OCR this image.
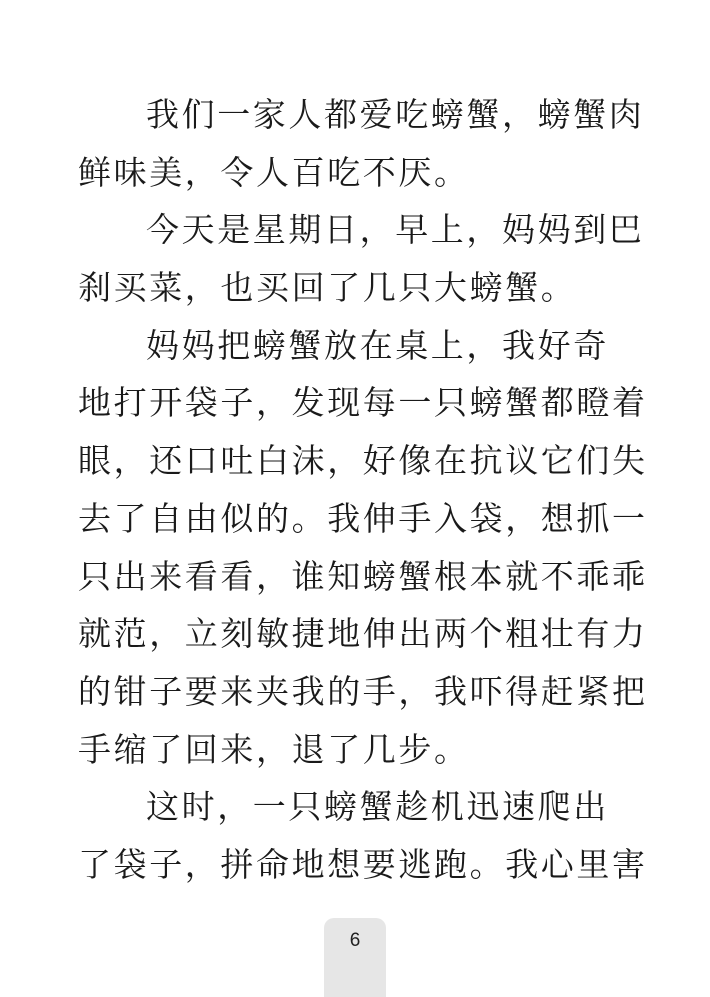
我们一家人都爱吃螃蟹，螃蟹肉
鲜味美，令人百吃不厌。
今天是星期日，早上，妈妈到巴
刹买菜，也买回了几只大螃蟹。
妈妈把螃蟹放在桌上，我好奇
地打开袋子，发现每一只螃蟹都瞪着
眼，还口吐白沫，好像在抗议它们失
去了自由似的。我伸手入袋，想抓一
只出来看看，谁知螃蟹根本就不乖乖
就范，立刻敏捷地伸出两个粗壮有力
的钳子要来夹我的手，我吓得赶紧把
手缩了回来，退了几步。
这时，一只螃蟹趁机迅速爬出
了袋子，拼命地想要逃跑。我心里害
6
